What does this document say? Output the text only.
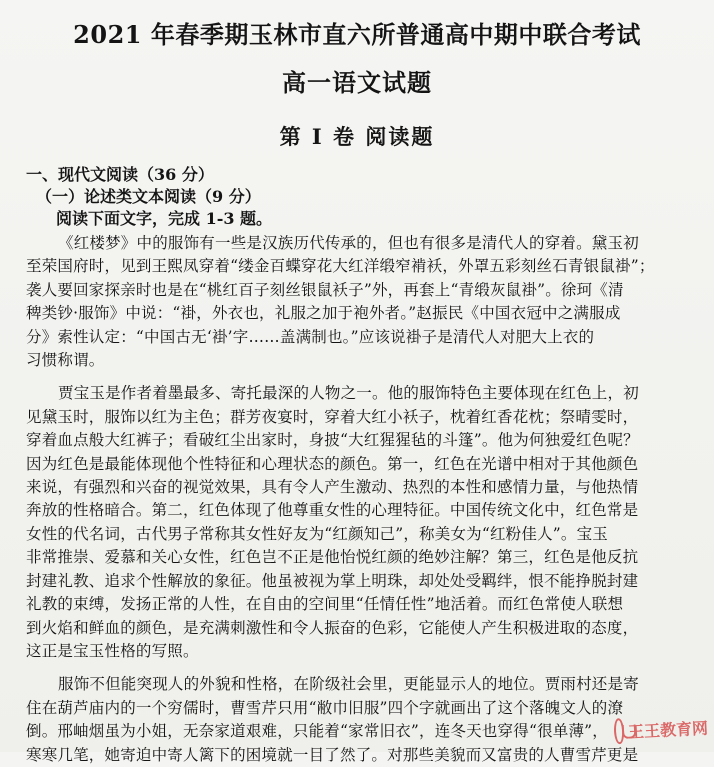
2021 年春季期玉林市直六所普通高中期中联合考试
高一语文试题
第 I 卷 阅读题
一、现代文阅读（36 分）
（一）论述类文本阅读（9 分）
阅读下面文字，完成 1-3 题。
《红楼梦》中的服饰有一些是汉族历代传承的，但也有很多是清代人的穿着。黛玉初
至荣国府时，见到王熙凤穿着“缕金百蝶穿花大红洋缎窄褃袄，外罩五彩刻丝石青银鼠褂”；
袭人要回家探亲时也是在“桃红百子刻丝银鼠袄子”外，再套上“青缎灰鼠褂”。徐珂《清
稗类钞·服饰》中说：“褂，外衣也，礼服之加于袍外者。”赵振民《中国衣冠中之满服成
分》索性认定：“中国古无‘褂’字……盖满制也。”应该说褂子是清代人对肥大上衣的
习惯称谓。
贾宝玉是作者着墨最多、寄托最深的人物之一。他的服饰特色主要体现在红色上，初
见黛玉时，服饰以红为主色；群芳夜宴时，穿着大红小袄子，枕着红香花枕；祭晴雯时，
穿着血点般大红裤子；看破红尘出家时，身披“大红猩猩毡的斗篷”。他为何独爱红色呢？
因为红色是最能体现他个性特征和心理状态的颜色。第一，红色在光谱中相对于其他颜色
来说，有强烈和兴奋的视觉效果，具有令人产生激动、热烈的本性和感情力量，与他热情
奔放的性格暗合。第二，红色体现了他尊重女性的心理特征。中国传统文化中，红色常是
女性的代名词，古代男子常称其女性好友为“红颜知己”，称美女为“红粉佳人”。宝玉
非常推崇、爱慕和关心女性，红色岂不正是他怡悦红颜的绝妙注解？第三，红色是他反抗
封建礼教、追求个性解放的象征。他虽被视为掌上明珠，却处处受羁绊，恨不能挣脱封建
礼教的束缚，发扬正常的人性，在自由的空间里“任情任性”地活着。而红色常使人联想
到火焰和鲜血的颜色，是充满刺激性和令人振奋的色彩，它能使人产生积极进取的态度，
这正是宝玉性格的写照。
服饰不但能突现人的外貌和性格，在阶级社会里，更能显示人的地位。贾雨村还是寄
住在葫芦庙内的一个穷儒时，曹雪芹只用“敝巾旧服”四个字就画出了这个落魄文人的潦
倒。邢岫烟虽为小姐，无奈家道艰难，只能着“家常旧衣”，连冬天也穿得“很单薄”，
寒寒几笔，她寄迫中寄人篱下的困境就一目了然了。对那些美貌而又富贵的人曹雪芹更是
王王教育网
